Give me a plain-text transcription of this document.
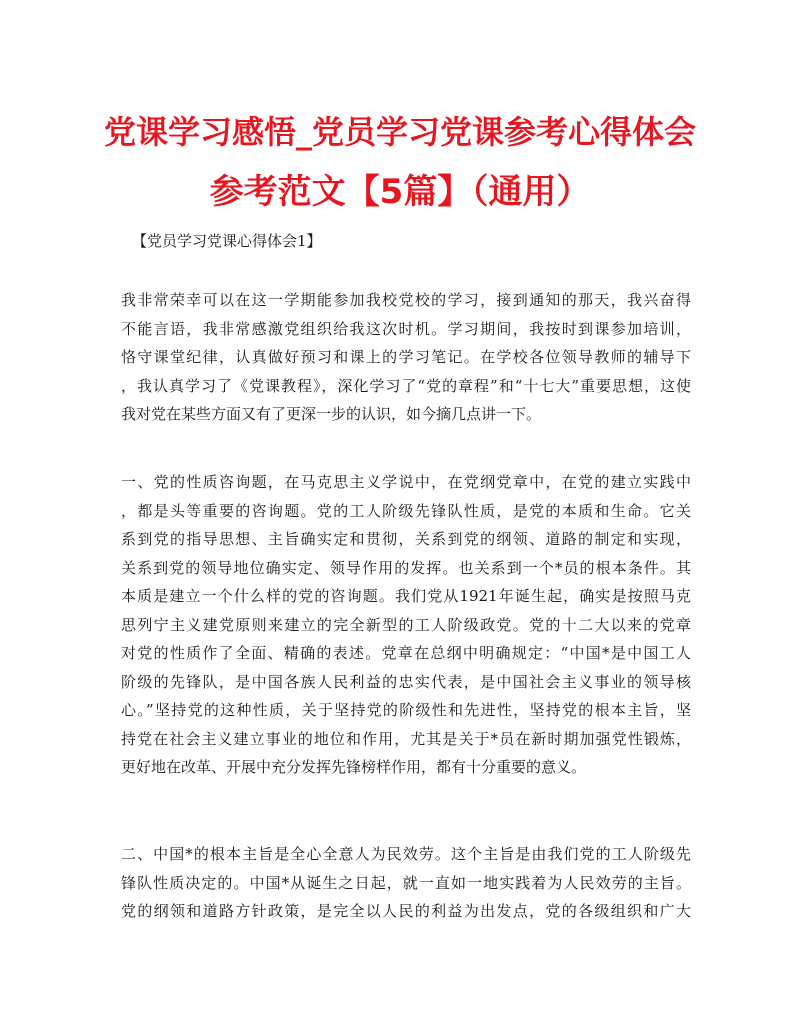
党课学习感悟_党员学习党课参考心得体会
参考范文【5篇】（通用）
【党员学习党课心得体会1】
我非常荣幸可以在这一学期能参加我校党校的学习，接到通知的那天，我兴奋得
不能言语，我非常感激党组织给我这次时机。学习期间，我按时到课参加培训，
恪守课堂纪律，认真做好预习和课上的学习笔记。在学校各位领导教师的辅导下
，我认真学习了《党课教程》，深化学习了“党的章程”和“十七大”重要思想，这使
我对党在某些方面又有了更深一步的认识，如今摘几点讲一下。
一、党的性质咨询题，在马克思主义学说中，在党纲党章中，在党的建立实践中
，都是头等重要的咨询题。党的工人阶级先锋队性质，是党的本质和生命。它关
系到党的指导思想、主旨确实定和贯彻，关系到党的纲领、道路的制定和实现，
关系到党的领导地位确实定、领导作用的发挥。也关系到一个*员的根本条件。其
本质是建立一个什么样的党的咨询题。我们党从1921年诞生起，确实是按照马克
思列宁主义建党原则来建立的完全新型的工人阶级政党。党的十二大以来的党章
对党的性质作了全面、精确的表述。党章在总纲中明确规定：“中国*是中国工人
阶级的先锋队，是中国各族人民利益的忠实代表，是中国社会主义事业的领导核
心。”坚持党的这种性质，关于坚持党的阶级性和先进性，坚持党的根本主旨，坚
持党在社会主义建立事业的地位和作用，尤其是关于*员在新时期加强党性锻炼，
更好地在改革、开展中充分发挥先锋榜样作用，都有十分重要的意义。
二、中国*的根本主旨是全心全意人为民效劳。这个主旨是由我们党的工人阶级先
锋队性质决定的。中国*从诞生之日起，就一直如一地实践着为人民效劳的主旨。
党的纲领和道路方针政策，是完全以人民的利益为出发点，党的各级组织和广大
